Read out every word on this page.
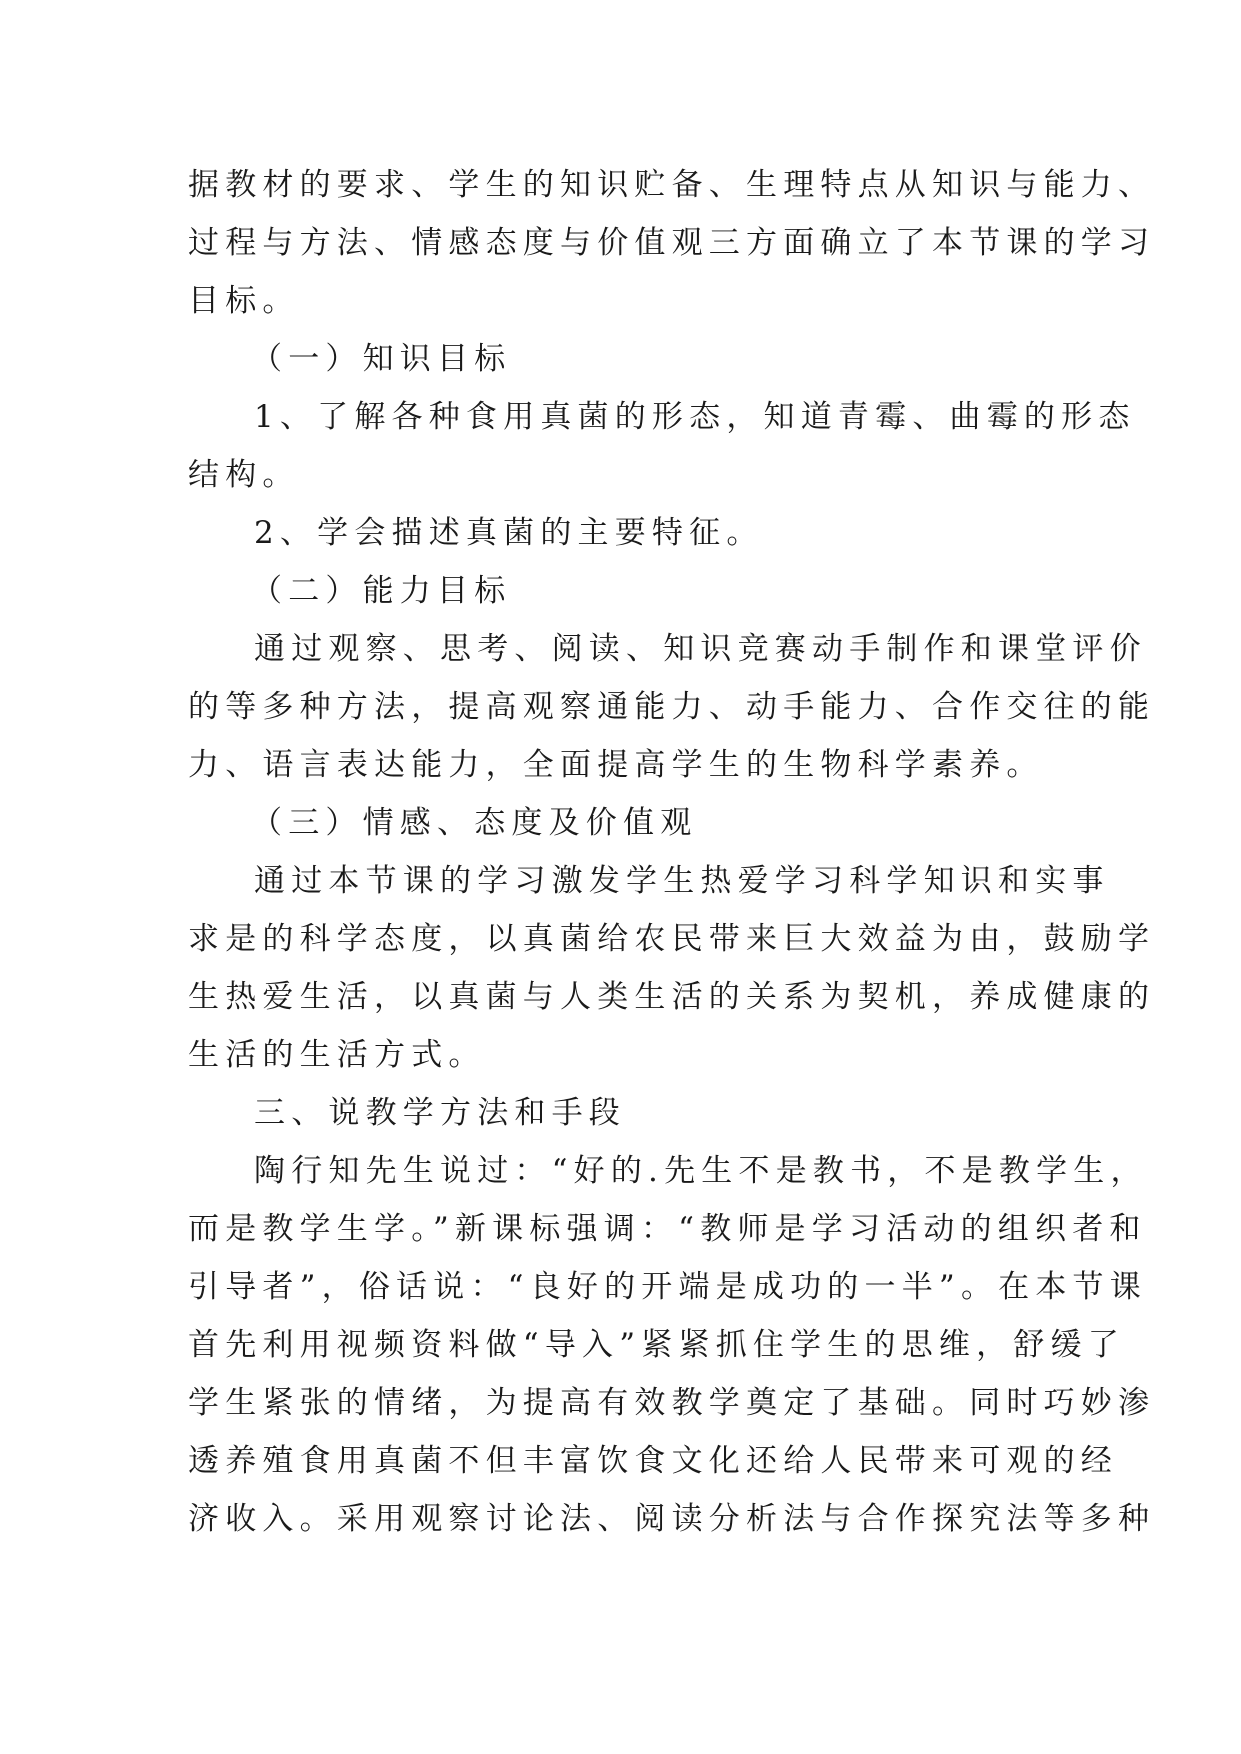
据教材的要求、学生的知识贮备、生理特点从知识与能力、
过程与方法、情感态度与价值观三方面确立了本节课的学习
目标。
（一）知识目标
1、了解各种食用真菌的形态，知道青霉、曲霉的形态
结构。
2、学会描述真菌的主要特征。
（二）能力目标
通过观察、思考、阅读、知识竞赛动手制作和课堂评价
的等多种方法，提高观察通能力、动手能力、合作交往的能
力、语言表达能力，全面提高学生的生物科学素养。
（三）情感、态度及价值观
通过本节课的学习激发学生热爱学习科学知识和实事
求是的科学态度，以真菌给农民带来巨大效益为由，鼓励学
生热爱生活，以真菌与人类生活的关系为契机，养成健康的
生活的生活方式。
三、说教学方法和手段
陶行知先生说过：“好的.先生不是教书，不是教学生，
而是教学生学。”新课标强调：“教师是学习活动的组织者和
引导者”，俗话说：“良好的开端是成功的一半”。在本节课
首先利用视频资料做“导入”紧紧抓住学生的思维，舒缓了
学生紧张的情绪，为提高有效教学奠定了基础。同时巧妙渗
透养殖食用真菌不但丰富饮食文化还给人民带来可观的经
济收入。采用观察讨论法、阅读分析法与合作探究法等多种
